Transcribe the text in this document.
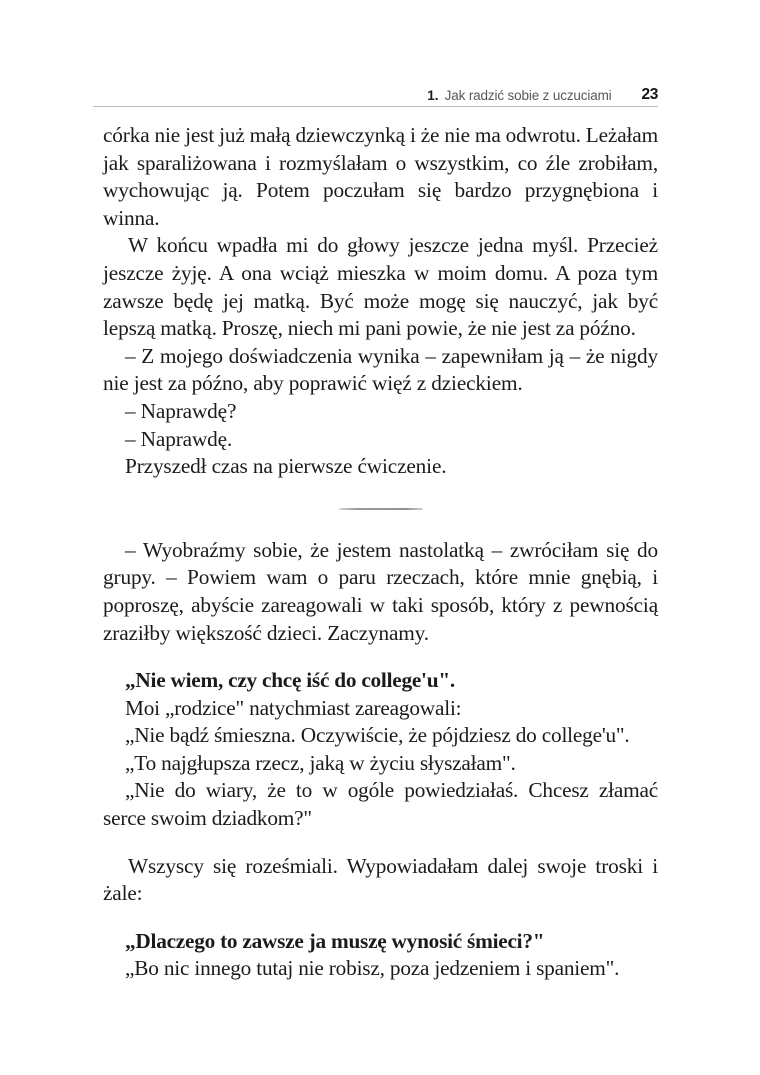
1. Jak radzić sobie z uczuciami 23

córka nie jest już małą dziewczynką i że nie ma odwrotu. Leżałam jak sparaliżowana i rozmyślałam o wszystkim, co źle zrobiłam, wychowując ją. Potem poczułam się bardzo przygnębiona i winna.

W końcu wpadła mi do głowy jeszcze jedna myśl. Przecież jeszcze żyję. A ona wciąż mieszka w moim domu. A poza tym zawsze będę jej matką. Być może mogę się nauczyć, jak być lepszą matką. Proszę, niech mi pani powie, że nie jest za późno.

– Z mojego doświadczenia wynika – zapewniłam ją – że nigdy nie jest za późno, aby poprawić więź z dzieckiem.

– Naprawdę?

– Naprawdę.

Przyszedł czas na pierwsze ćwiczenie.

– Wyobraźmy sobie, że jestem nastolatką – zwróciłam się do grupy. – Powiem wam o paru rzeczach, które mnie gnębią, i poproszę, abyście zareagowali w taki sposób, który z pewnością zraziłby większość dzieci. Zaczynamy.

„Nie wiem, czy chcę iść do college'u".

Moi „rodzice" natychmiast zareagowali:

„Nie bądź śmieszna. Oczywiście, że pójdziesz do college'u".

„To najgłupsza rzecz, jaką w życiu słyszałam".

„Nie do wiary, że to w ogóle powiedziałaś. Chcesz złamać serce swoim dziadkom?"

Wszyscy się roześmiali. Wypowiadałam dalej swoje troski i żale:

„Dlaczego to zawsze ja muszę wynosić śmieci?"

„Bo nic innego tutaj nie robisz, poza jedzeniem i spaniem".
